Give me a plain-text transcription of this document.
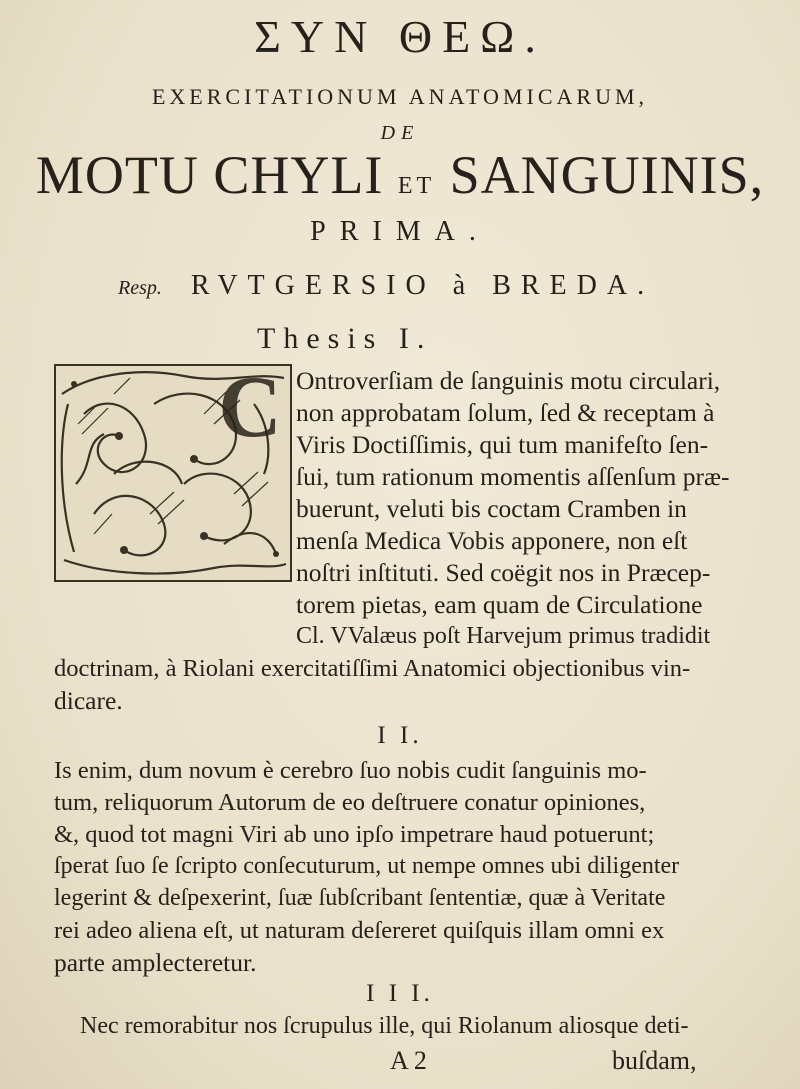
ΣΥΝ ΘΕΩ.
EXERCITATIONUM ANATOMICARUM,
DE
MOTU CHYLI ET SANGUINIS,
PRIMA.
Resp. RVTGERSIO à BREDA.
Thesis I.
C Ontroverſiam de ſanguinis motu circulari,
non approbatam ſolum, ſed & receptam à
Viris Doctiſſimis, qui tum manifeſto ſen-
ſui, tum rationum momentis aſſenſum præ-
buerunt, veluti bis coctam Cramben in
menſa Medica Vobis apponere, non eſt
noſtri inſtituti. Sed coëgit nos in Præcep-
torem pietas, eam quam de Circulatione
Cl. VValæus poſt Harvejum primus tradidit
doctrinam, à Riolani exercitatiſſimi Anatomici objectionibus vin-
dicare.
I I.
Is enim, dum novum è cerebro ſuo nobis cudit ſanguinis mo-
tum, reliquorum Autorum de eo deſtruere conatur opiniones,
&, quod tot magni Viri ab uno ipſo impetrare haud potuerunt;
ſperat ſuo ſe ſcripto conſecuturum, ut nempe omnes ubi diligenter
legerint & deſpexerint, ſuæ ſubſcribant ſententiæ, quæ à Veritate
rei adeo aliena eſt, ut naturam deſereret quiſquis illam omni ex
parte amplecteretur.
I I I.
Nec remorabitur nos ſcrupulus ille, qui Riolanum aliosque deti-
A 2	buſdam,
